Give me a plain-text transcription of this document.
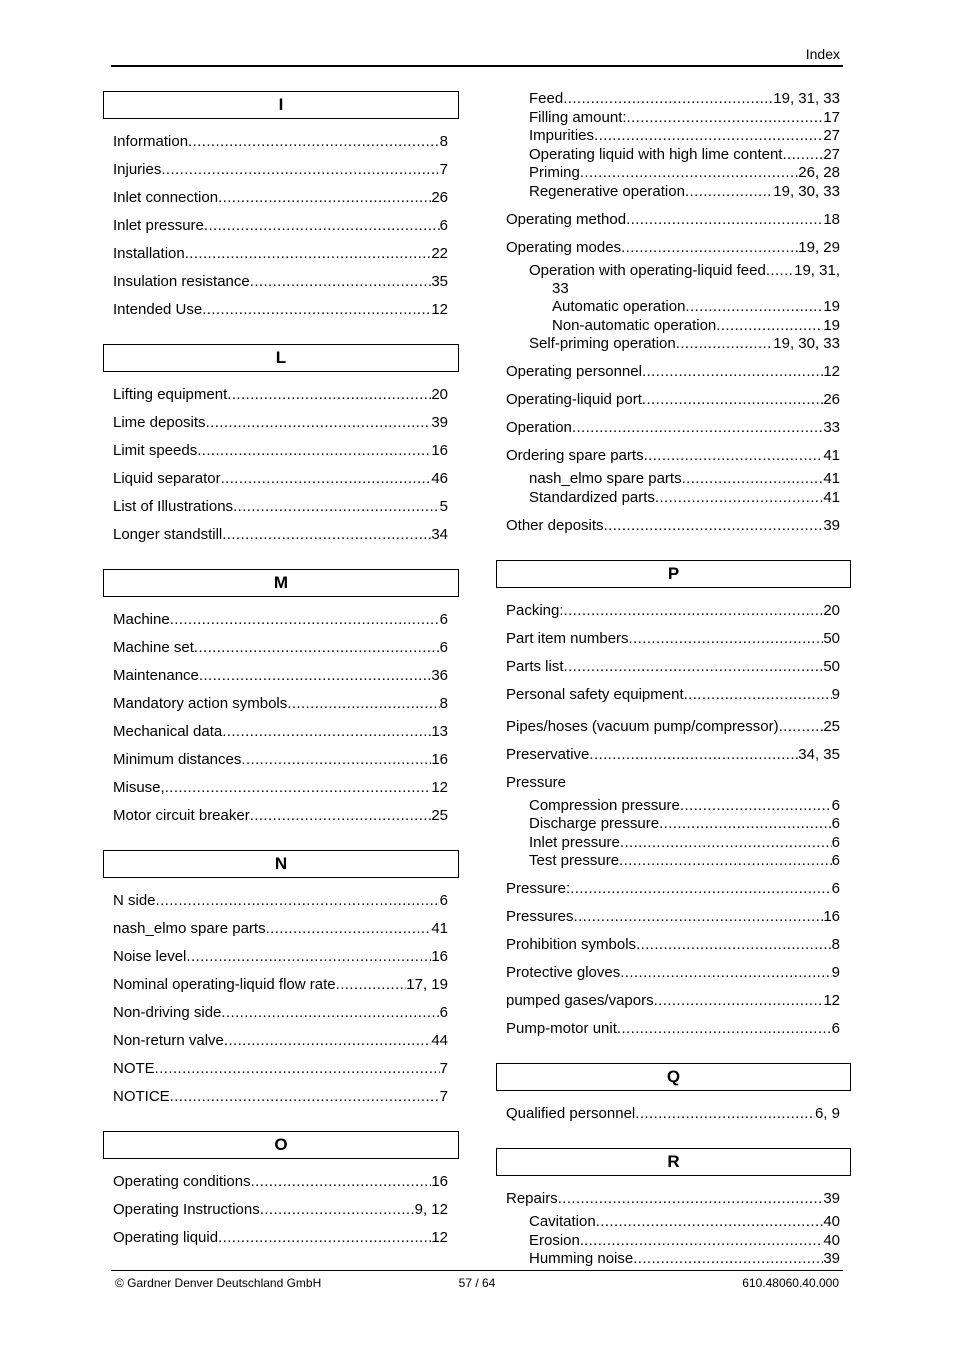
Index
I
Information .....	8
Injuries .....	7
Inlet connection .....	26
Inlet pressure .....	6
Installation .....	22
Insulation resistance .....	35
Intended Use .....	12
L
Lifting equipment .....	20
Lime deposits .....	39
Limit speeds .....	16
Liquid separator .....	46
List of Illustrations .....	5
Longer standstill .....	34
M
Machine .....	6
Machine set .....	6
Maintenance .....	36
Mandatory action symbols .....	8
Mechanical data .....	13
Minimum distances .....	16
Misuse, .....	12
Motor circuit breaker .....	25
N
N side .....	6
nash_elmo spare parts .....	41
Noise level .....	16
Nominal operating-liquid flow rate .....	17, 19
Non-driving side .....	6
Non-return valve .....	44
NOTE .....	7
NOTICE .....	7
O
Operating conditions .....	16
Operating Instructions .....	9, 12
Operating liquid .....	12
Feed .....	19, 31, 33
Filling amount: .....	17
Impurities .....	27
Operating liquid with high lime content .....	27
Priming .....	26, 28
Regenerative operation .....	19, 30, 33
Operating method .....	18
Operating modes .....	19, 29
Operation with operating-liquid feed ..... 19, 31,
33
Automatic operation .....	19
Non-automatic operation .....	19
Self-priming operation .....	19, 30, 33
Operating personnel .....	12
Operating-liquid port .....	26
Operation .....	33
Ordering spare parts .....	41
nash_elmo spare parts .....	41
Standardized parts .....	41
Other deposits .....	39
P
Packing: .....	20
Part item numbers .....	50
Parts list .....	50
Personal safety equipment .....	9
Pipes/hoses (vacuum pump/compressor) .....	25
Preservative .....	34, 35
Pressure
Compression pressure .....	6
Discharge pressure .....	6
Inlet pressure .....	6
Test pressure .....	6
Pressure: .....	6
Pressures .....	16
Prohibition symbols .....	8
Protective gloves .....	9
pumped gases/vapors .....	12
Pump-motor unit .....	6
Q
Qualified personnel .....	6, 9
R
Repairs .....	39
Cavitation .....	40
Erosion. .....	40
Humming noise .....	39
© Gardner Denver Deutschland GmbH	57 / 64	610.48060.40.000
